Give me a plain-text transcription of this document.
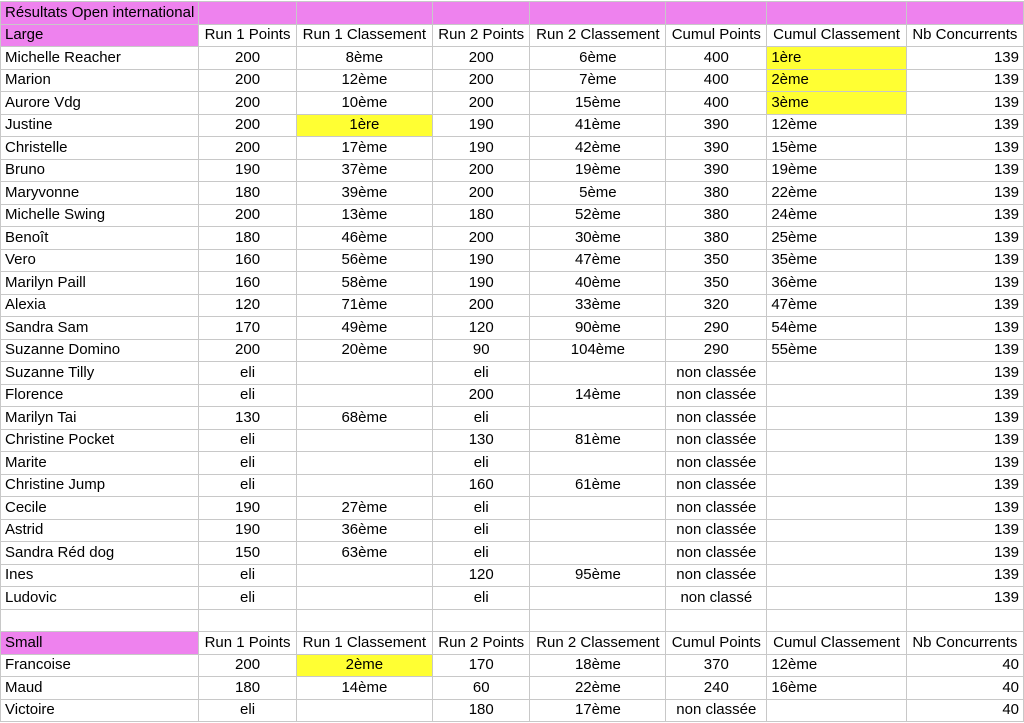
Résultats Open international							
Large	Run 1 Points	Run 1 Classement	Run 2 Points	Run 2 Classement	Cumul Points	Cumul Classement	Nb Concurrents
Michelle Reacher	200	8ème	200	6ème	400	1ère	139
Marion	200	12ème	200	7ème	400	2ème	139
Aurore Vdg	200	10ème	200	15ème	400	3ème	139
Justine	200	1ère	190	41ème	390	12ème	139
Christelle	200	17ème	190	42ème	390	15ème	139
Bruno	190	37ème	200	19ème	390	19ème	139
Maryvonne	180	39ème	200	5ème	380	22ème	139
Michelle Swing	200	13ème	180	52ème	380	24ème	139
Benoît	180	46ème	200	30ème	380	25ème	139
Vero	160	56ème	190	47ème	350	35ème	139
Marilyn Paill	160	58ème	190	40ème	350	36ème	139
Alexia	120	71ème	200	33ème	320	47ème	139
Sandra Sam	170	49ème	120	90ème	290	54ème	139
Suzanne Domino	200	20ème	90	104ème	290	55ème	139
Suzanne Tilly	eli		eli		non classée		139
Florence	eli		200	14ème	non classée		139
Marilyn Tai	130	68ème	eli		non classée		139
Christine Pocket	eli		130	81ème	non classée		139
Marite	eli		eli		non classée		139
Christine Jump	eli		160	61ème	non classée		139
Cecile	190	27ème	eli		non classée		139
Astrid	190	36ème	eli		non classée		139
Sandra Réd dog	150	63ème	eli		non classée		139
Ines	eli		120	95ème	non classée		139
Ludovic	eli		eli		non classé		139

Small	Run 1 Points	Run 1 Classement	Run 2 Points	Run 2 Classement	Cumul Points	Cumul Classement	Nb Concurrents
Francoise	200	2ème	170	18ème	370	12ème	40
Maud	180	14ème	60	22ème	240	16ème	40
Victoire	eli		180	17ème	non classée		40
